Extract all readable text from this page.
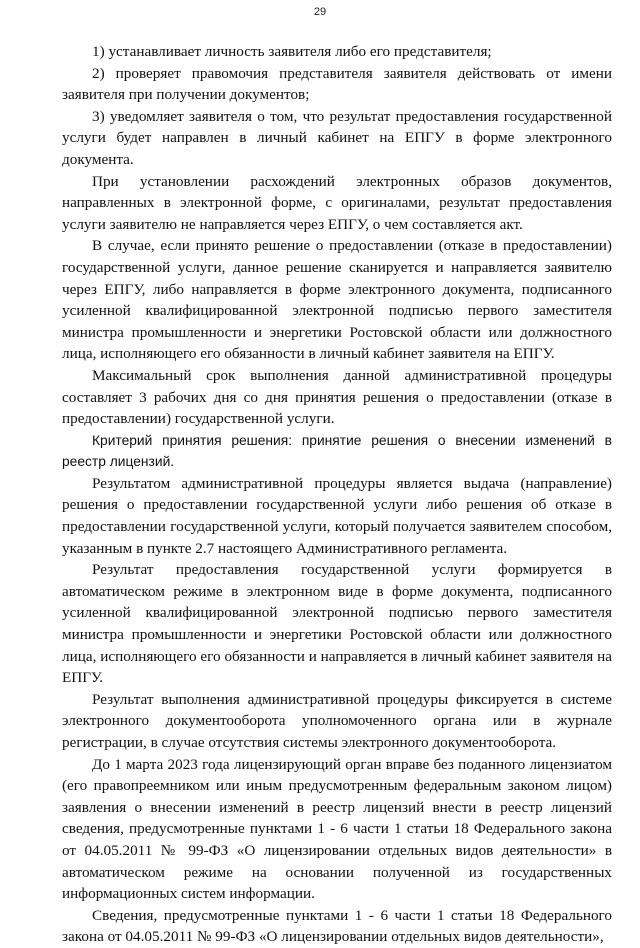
29

1) устанавливает личность заявителя либо его представителя;

2) проверяет правомочия представителя заявителя действовать от имени заявителя при получении документов;

3) уведомляет заявителя о том, что результат предоставления государственной услуги будет направлен в личный кабинет на ЕПГУ в форме электронного документа.

При установлении расхождений электронных образов документов, направленных в электронной форме, с оригиналами, результат предоставления услуги заявителю не направляется через ЕПГУ, о чем составляется акт.

В случае, если принято решение о предоставлении (отказе в предоставлении) государственной услуги, данное решение сканируется и направляется заявителю через ЕПГУ, либо направляется в форме электронного документа, подписанного усиленной квалифицированной электронной подписью первого заместителя министра промышленности и энергетики Ростовской области или должностного лица, исполняющего его обязанности в личный кабинет заявителя на ЕПГУ.

Максимальный срок выполнения данной административной процедуры составляет 3 рабочих дня со дня принятия решения о предоставлении (отказе в предоставлении) государственной услуги.

Критерий принятия решения: принятие решения о внесении изменений в реестр лицензий.

Результатом административной процедуры является выдача (направление) решения о предоставлении государственной услуги либо решения об отказе в предоставлении государственной услуги, который получается заявителем способом, указанным в пункте 2.7 настоящего Административного регламента.

Результат предоставления государственной услуги формируется в автоматическом режиме в электронном виде в форме документа, подписанного усиленной квалифицированной электронной подписью первого заместителя министра промышленности и энергетики Ростовской области или должностного лица, исполняющего его обязанности и направляется в личный кабинет заявителя на ЕПГУ.

Результат выполнения административной процедуры фиксируется в системе электронного документооборота уполномоченного органа или в журнале регистрации, в случае отсутствия системы электронного документооборота.

До 1 марта 2023 года лицензирующий орган вправе без поданного лицензиатом (его правопреемником или иным предусмотренным федеральным законом лицом) заявления о внесении изменений в реестр лицензий внести в реестр лицензий сведения, предусмотренные пунктами 1 - 6 части 1 статьи 18 Федерального закона от 04.05.2011 № 99-ФЗ «О лицензировании отдельных видов деятельности» в автоматическом режиме на основании полученной из государственных информационных систем информации.

Сведения, предусмотренные пунктами 1 - 6 части 1 статьи 18 Федерального закона от 04.05.2011 № 99-ФЗ «О лицензировании отдельных видов деятельности»,
